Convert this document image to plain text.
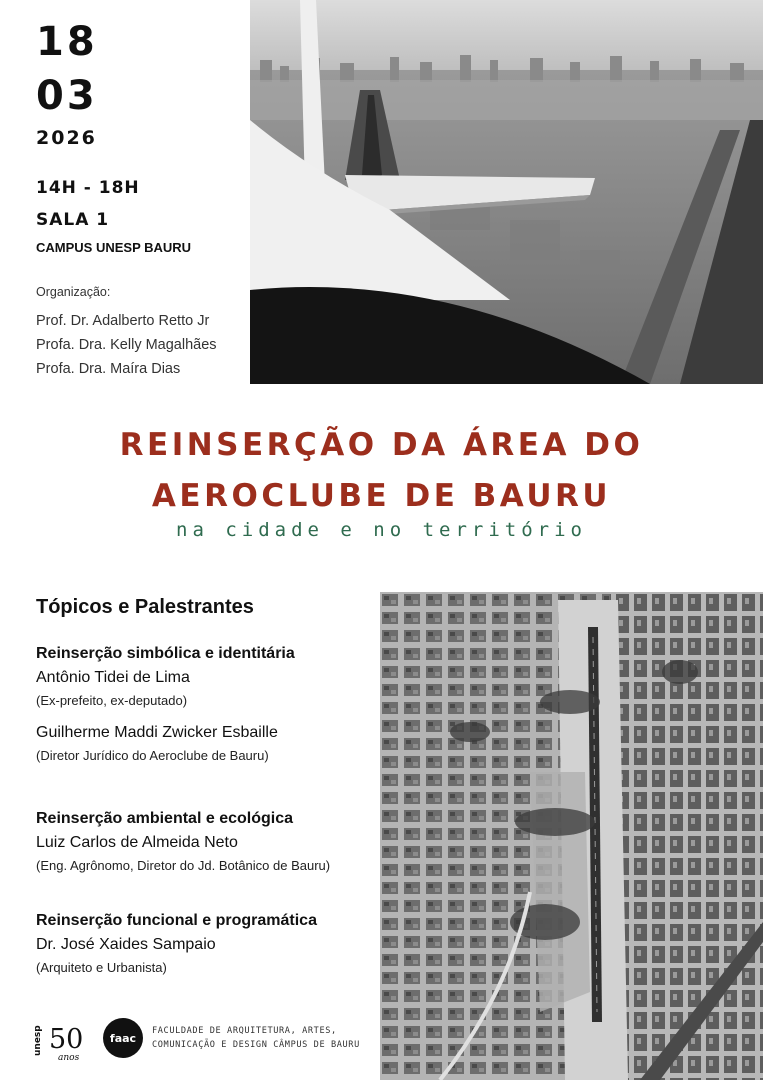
18
03
2026
14H - 18H
SALA 1
CAMPUS UNESP BAURU
Organização:
Prof. Dr. Adalberto Retto Jr
Profa. Dra. Kelly Magalhães
Profa. Dra. Maíra Dias
REINSERÇÃO DA ÁREA DO
AEROCLUBE DE BAURU
na cidade e no território
Tópicos e Palestrantes
Reinserção simbólica e identitária
Antônio Tidei de Lima
(Ex-prefeito, ex-deputado)
Guilherme Maddi Zwicker Esbaille
(Diretor Jurídico do Aeroclube de Bauru)
Reinserção ambiental e ecológica
Luiz Carlos de Almeida Neto
(Eng. Agrônomo, Diretor do Jd. Botânico de Bauru)
Reinserção funcional e programática
Dr. José Xaides Sampaio
(Arquiteto e Urbanista)
unesp 50
anos
faac
FACULDADE DE ARQUITETURA, ARTES,
COMUNICAÇÃO E DESIGN CÂMPUS DE BAURU
